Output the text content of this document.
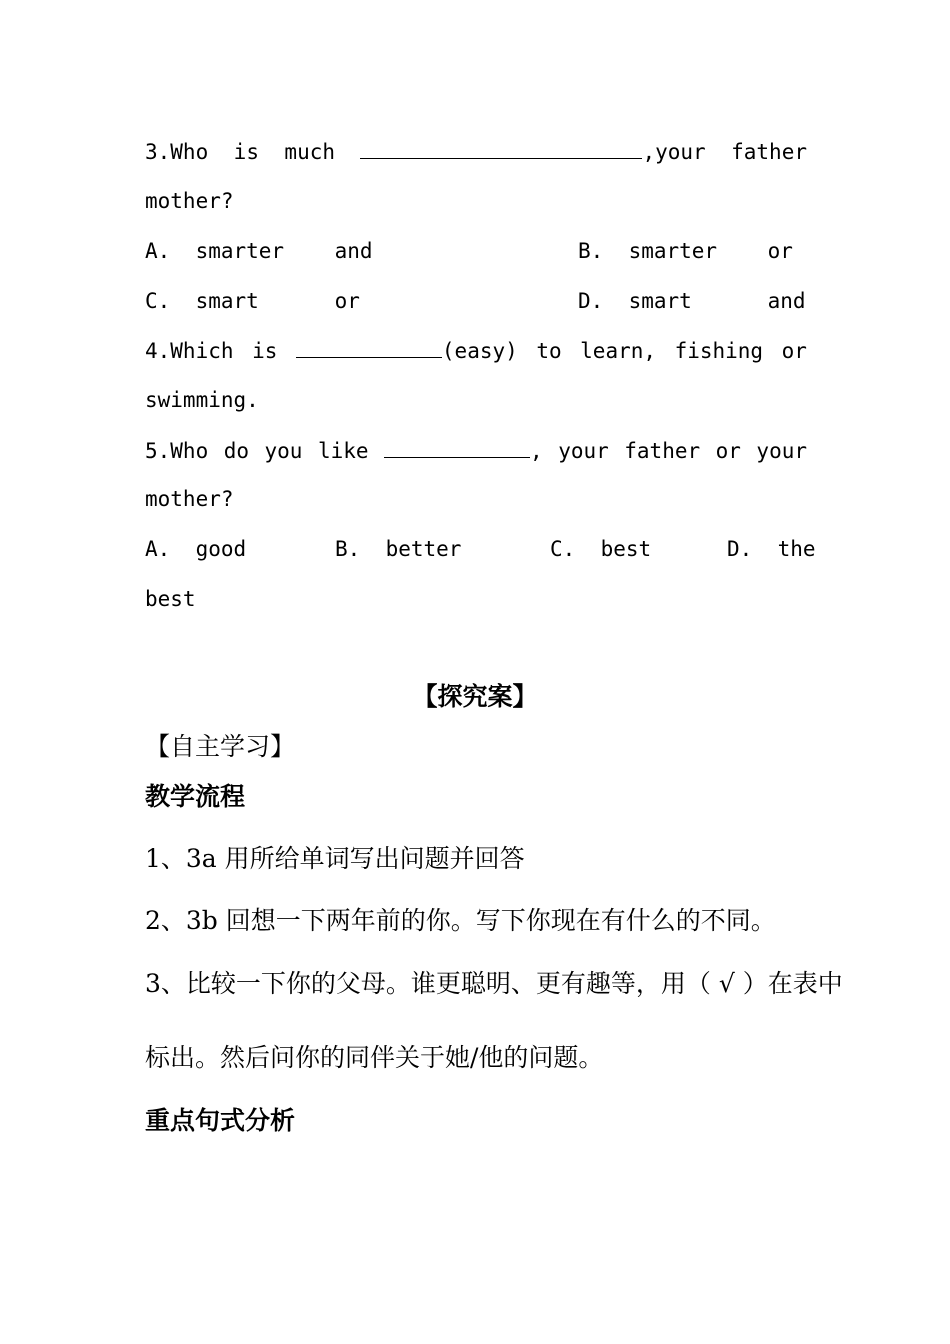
3.Who is much	,your father
mother?
A.  smarter    and	B.  smarter    or
C.  smart      or	D.  smart      and
4.Which is	(easy) to learn, fishing or
swimming.
5.Who do you like	, your father or your
mother?
A.  good	B.  better	C.  best	D.  the
best
【探究案】
【自主学习】
教学流程
1、3a 用所给单词写出问题并回答
2、3b 回想一下两年前的你。写下你现在有什么的不同。
3、比较一下你的父母。谁更聪明、更有趣等，用（ √ ）在表中
标出。然后问你的同伴关于她/他的问题。
重点句式分析
